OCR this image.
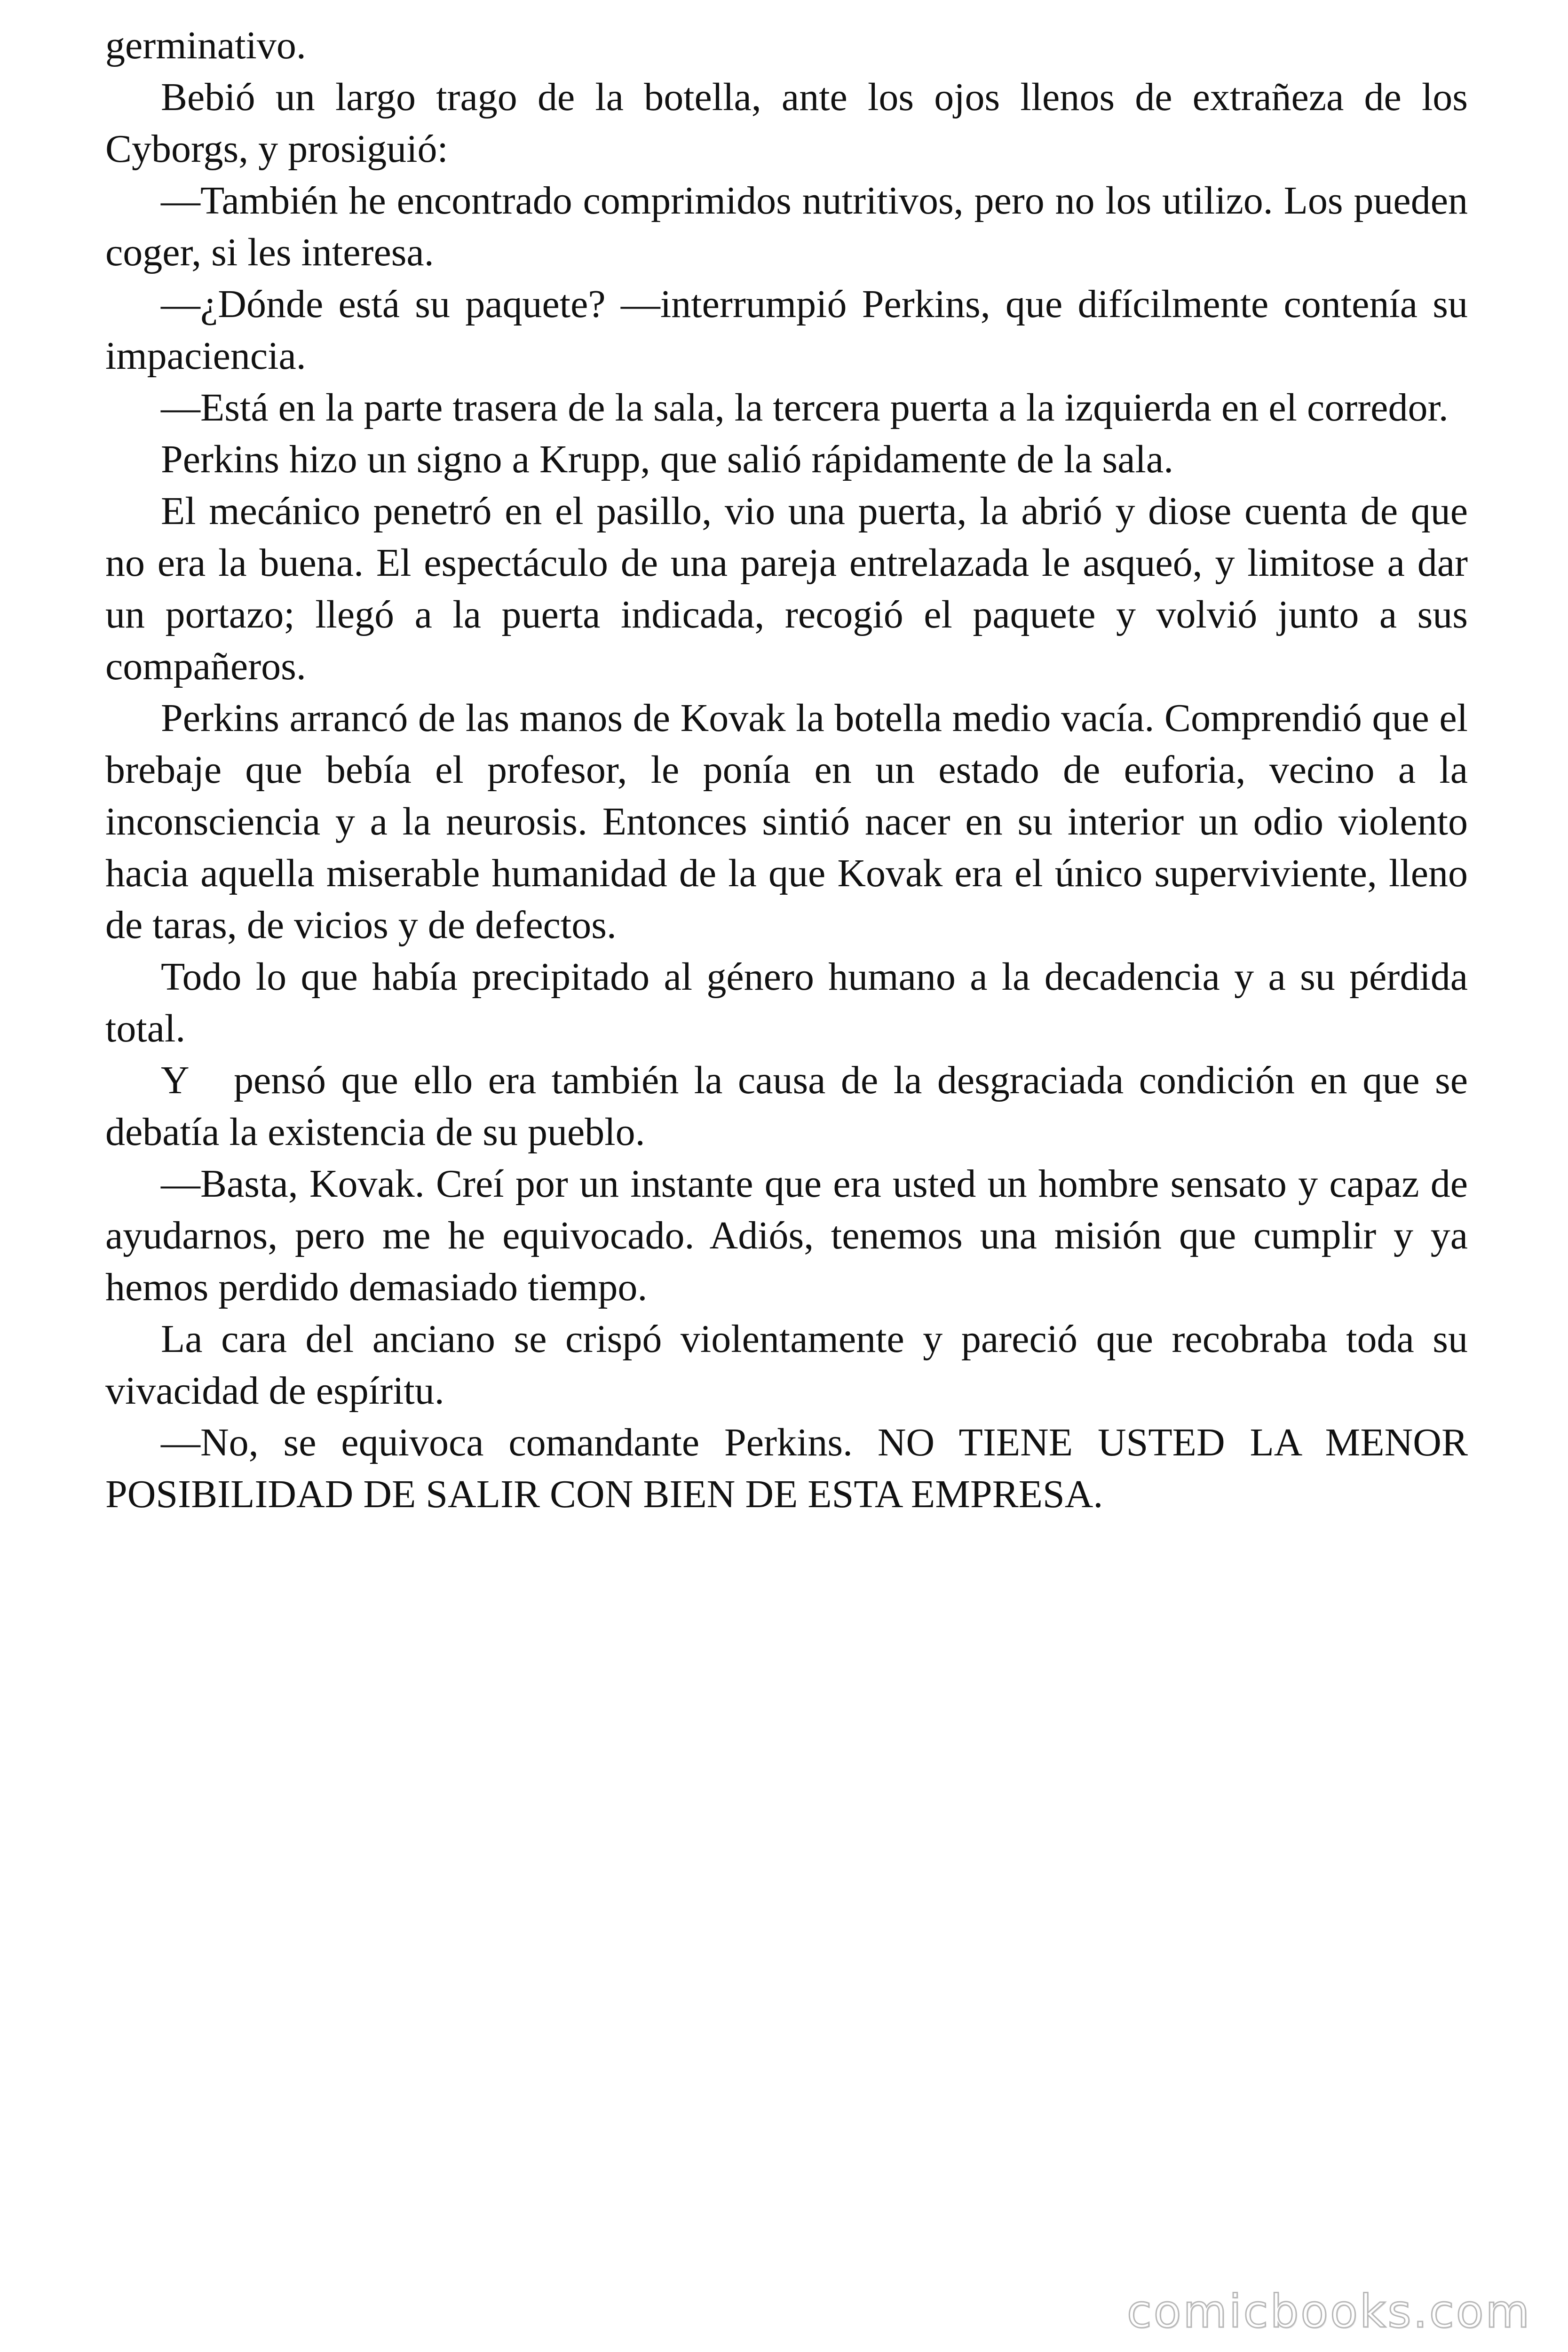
germinativo.

Bebió un largo trago de la botella, ante los ojos llenos de extrañeza de los Cyborgs, y prosiguió:

—También he encontrado comprimidos nutritivos, pero no los utilizo. Los pueden coger, si les interesa.

—¿Dónde está su paquete? —interrumpió Perkins, que difícilmente contenía su impaciencia.

—Está en la parte trasera de la sala, la tercera puerta a la izquierda en el corredor.

Perkins hizo un signo a Krupp, que salió rápidamente de la sala.

El mecánico penetró en el pasillo, vio una puerta, la abrió y diose cuenta de que no era la buena. El espectáculo de una pareja entrelazada le asqueó, y limitose a dar un portazo; llegó a la puerta indicada, recogió el paquete y volvió junto a sus compañeros.

Perkins arrancó de las manos de Kovak la botella medio vacía. Comprendió que el brebaje que bebía el profesor, le ponía en un estado de euforia, vecino a la inconsciencia y a la neurosis. Entonces sintió nacer en su interior un odio violento hacia aquella miserable humanidad de la que Kovak era el único superviviente, lleno de taras, de vicios y de defectos.

Todo lo que había precipitado al género humano a la decadencia y a su pérdida total.

Y   pensó que ello era también la causa de la desgraciada condición en que se debatía la existencia de su pueblo.

—Basta, Kovak. Creí por un instante que era usted un hombre sensato y capaz de ayudarnos, pero me he equivocado. Adiós, tenemos una misión que cumplir y ya hemos perdido demasiado tiempo.

La cara del anciano se crispó violentamente y pareció que recobraba toda su vivacidad de espíritu.

—No, se equivoca comandante Perkins. NO TIENE USTED LA MENOR POSIBILIDAD DE SALIR CON BIEN DE ESTA EMPRESA.

comicbooks.com
